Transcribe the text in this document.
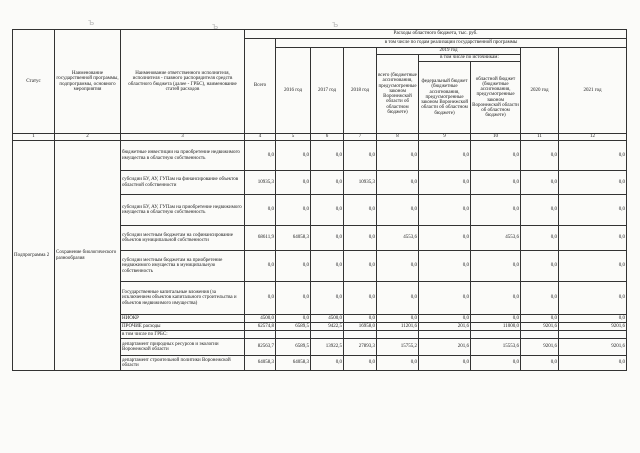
ъ	ъ	ъ
Статус	Наименование государственной программы, подпрограммы, основного мероприятия	Наименование ответственного исполнителя, исполнителя - главного распорядителя средств областного бюджета (далее - ГРБС), наименование статей расходов	Расходы областного бюджета, тыс. руб.								
			Всего	в том числе по годам реализации государственной программы							
				2016 год	2017 год	2018 год	2019 год			2020 год	2021 год
							всего (бюджетные ассигнования, предусмотренные законом Воронежской области об областном бюджете)	в том числе по источникам:			
								федеральный бюджет (бюджетные ассигнования, предусмотренные законом Воронежской области об областном бюджете)	областной бюджет (бюджетные ассигнования, предусмотренные законом Воронежской области об областном бюджете)		
1	2	3	4	5	6	7	8	9	10	11	12
Подпрограмма 2	Сохранение биологического разнообразия	бюджетные инвестиции на приобретение недвижимого имущества в областную собственность	0,0	0,0	0,0	0,0	0,0	0,0	0,0	0,0	0,0
		субсидии БУ, АУ, ГУПам на финансирование объектов областной собственности	10935,3	0,0	0,0	10935,3	0,0	0,0	0,0	0,0	0,0
		субсидии БУ, АУ, ГУПам на приобретение недвижимого имущества в областную собственность	0,0	0,0	0,0	0,0	0,0	0,0	0,0	0,0	0,0
		субсидии местным бюджетам на софинансирование объектов муниципальной собственности	68611,9	64058,3	0,0	0,0	4553,6	0,0	4553,6	0,0	0,0
		субсидии местным бюджетам на приобретение недвижимого имущества в муниципальную собственность	0,0	0,0	0,0	0,0	0,0	0,0	0,0	0,0	0,0
		Государственные капитальные вложения (за исключением объектов капитального строительства и объектов недвижимого имущества)	0,0	0,0	0,0	0,0	0,0	0,0	0,0	0,0	0,0
		НИОКР	4500,0	0,0	4500,0	0,0	0,0	0,0	0,0	0,0	0,0
		ПРОЧИЕ расходы	62574,8	6589,5	9422,5	16958,0	11201,6	201,6	11000,0	9201,6	9201,6
		в том числе по ГРБС:									
		департамент природных ресурсов и экологии Воронежской области	82563,7	6589,5	13922,5	27893,3	15755,2	201,6	15553,6	9201,6	9201,6
		департамент строительной политики Воронежской области	64058,3	64058,3	0,0	0,0	0,0	0,0	0,0	0,0	0,0
